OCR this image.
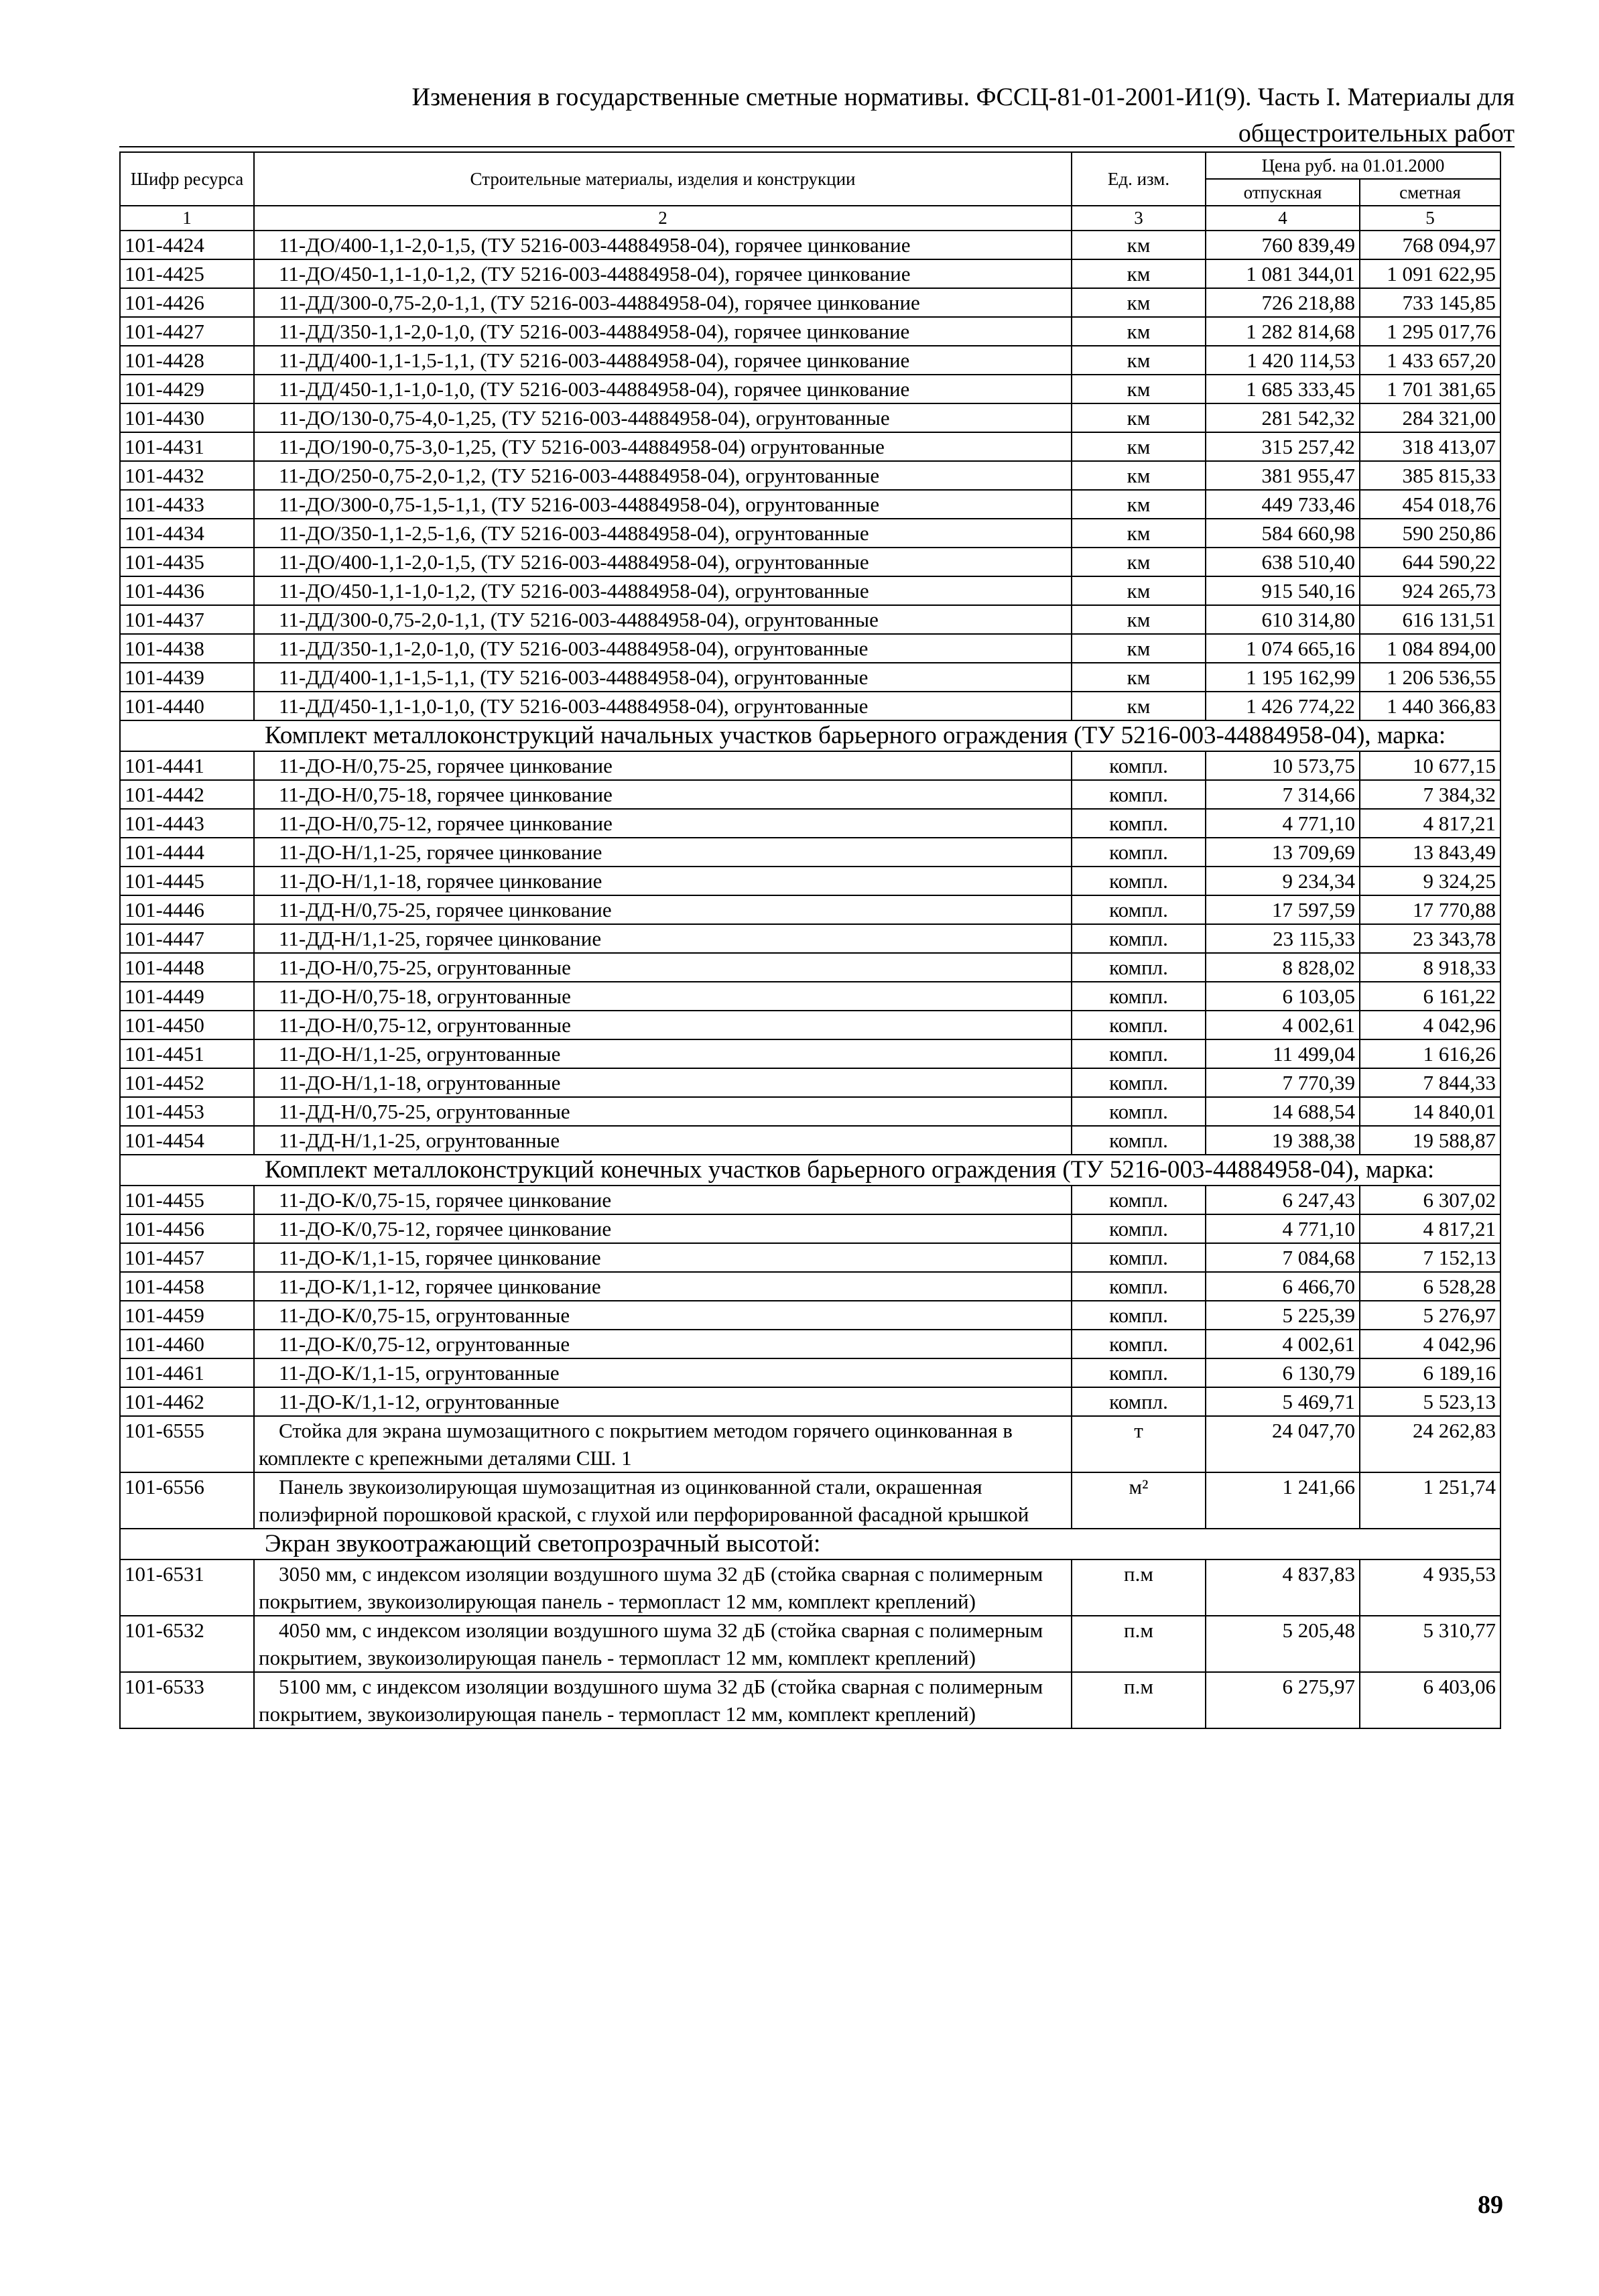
Изменения в государственные сметные нормативы. ФССЦ-81-01-2001-И1(9). Часть I. Материалы для
общестроительных работ
Шифр ресурса	Строительные материалы, изделия и конструкции	Ед. изм.	Цена руб. на 01.01.2000	
			отпускная	сметная
1	2	3	4	5
101-4424	11-ДО/400-1,1-2,0-1,5, (ТУ 5216-003-44884958-04), горячее цинкование	км	760 839,49	768 094,97
101-4425	11-ДО/450-1,1-1,0-1,2, (ТУ 5216-003-44884958-04), горячее цинкование	км	1 081 344,01	1 091 622,95
101-4426	11-ДД/300-0,75-2,0-1,1, (ТУ 5216-003-44884958-04), горячее цинкование	км	726 218,88	733 145,85
101-4427	11-ДД/350-1,1-2,0-1,0, (ТУ 5216-003-44884958-04), горячее цинкование	км	1 282 814,68	1 295 017,76
101-4428	11-ДД/400-1,1-1,5-1,1, (ТУ 5216-003-44884958-04), горячее цинкование	км	1 420 114,53	1 433 657,20
101-4429	11-ДД/450-1,1-1,0-1,0, (ТУ 5216-003-44884958-04), горячее цинкование	км	1 685 333,45	1 701 381,65
101-4430	11-ДО/130-0,75-4,0-1,25, (ТУ 5216-003-44884958-04), огрунтованные	км	281 542,32	284 321,00
101-4431	11-ДО/190-0,75-3,0-1,25, (ТУ 5216-003-44884958-04) огрунтованные	км	315 257,42	318 413,07
101-4432	11-ДО/250-0,75-2,0-1,2, (ТУ 5216-003-44884958-04), огрунтованные	км	381 955,47	385 815,33
101-4433	11-ДО/300-0,75-1,5-1,1, (ТУ 5216-003-44884958-04), огрунтованные	км	449 733,46	454 018,76
101-4434	11-ДО/350-1,1-2,5-1,6, (ТУ 5216-003-44884958-04), огрунтованные	км	584 660,98	590 250,86
101-4435	11-ДО/400-1,1-2,0-1,5, (ТУ 5216-003-44884958-04), огрунтованные	км	638 510,40	644 590,22
101-4436	11-ДО/450-1,1-1,0-1,2, (ТУ 5216-003-44884958-04), огрунтованные	км	915 540,16	924 265,73
101-4437	11-ДД/300-0,75-2,0-1,1, (ТУ 5216-003-44884958-04), огрунтованные	км	610 314,80	616 131,51
101-4438	11-ДД/350-1,1-2,0-1,0, (ТУ 5216-003-44884958-04), огрунтованные	км	1 074 665,16	1 084 894,00
101-4439	11-ДД/400-1,1-1,5-1,1, (ТУ 5216-003-44884958-04), огрунтованные	км	1 195 162,99	1 206 536,55
101-4440	11-ДД/450-1,1-1,0-1,0, (ТУ 5216-003-44884958-04), огрунтованные	км	1 426 774,22	1 440 366,83
	Комплект металлоконструкций начальных участков барьерного ограждения (ТУ 5216-003-44884958-04), марка:			
101-4441	11-ДО-Н/0,75-25, горячее цинкование	компл.	10 573,75	10 677,15
101-4442	11-ДО-Н/0,75-18, горячее цинкование	компл.	7 314,66	7 384,32
101-4443	11-ДО-Н/0,75-12, горячее цинкование	компл.	4 771,10	4 817,21
101-4444	11-ДО-Н/1,1-25, горячее цинкование	компл.	13 709,69	13 843,49
101-4445	11-ДО-Н/1,1-18, горячее цинкование	компл.	9 234,34	9 324,25
101-4446	11-ДД-Н/0,75-25, горячее цинкование	компл.	17 597,59	17 770,88
101-4447	11-ДД-Н/1,1-25, горячее цинкование	компл.	23 115,33	23 343,78
101-4448	11-ДО-Н/0,75-25, огрунтованные	компл.	8 828,02	8 918,33
101-4449	11-ДО-Н/0,75-18, огрунтованные	компл.	6 103,05	6 161,22
101-4450	11-ДО-Н/0,75-12, огрунтованные	компл.	4 002,61	4 042,96
101-4451	11-ДО-Н/1,1-25, огрунтованные	компл.	11 499,04	1 616,26
101-4452	11-ДО-Н/1,1-18, огрунтованные	компл.	7 770,39	7 844,33
101-4453	11-ДД-Н/0,75-25, огрунтованные	компл.	14 688,54	14 840,01
101-4454	11-ДД-Н/1,1-25, огрунтованные	компл.	19 388,38	19 588,87
	Комплект металлоконструкций конечных участков барьерного ограждения (ТУ 5216-003-44884958-04), марка:			
101-4455	11-ДО-К/0,75-15, горячее цинкование	компл.	6 247,43	6 307,02
101-4456	11-ДО-К/0,75-12, горячее цинкование	компл.	4 771,10	4 817,21
101-4457	11-ДО-К/1,1-15, горячее цинкование	компл.	7 084,68	7 152,13
101-4458	11-ДО-К/1,1-12, горячее цинкование	компл.	6 466,70	6 528,28
101-4459	11-ДО-К/0,75-15, огрунтованные	компл.	5 225,39	5 276,97
101-4460	11-ДО-К/0,75-12, огрунтованные	компл.	4 002,61	4 042,96
101-4461	11-ДО-К/1,1-15, огрунтованные	компл.	6 130,79	6 189,16
101-4462	11-ДО-К/1,1-12, огрунтованные	компл.	5 469,71	5 523,13
101-6555	Стойка для экрана шумозащитного с покрытием методом горячего оцинкованная в комплекте с крепежными деталями СШ. 1	т	24 047,70	24 262,83
101-6556	Панель звукоизолирующая шумозащитная из оцинкованной стали, окрашенная полиэфирной порошковой краской, с глухой или перфорированной фасадной крышкой	м²	1 241,66	1 251,74
	Экран звукоотражающий светопрозрачный высотой:			
101-6531	3050 мм, с индексом изоляции воздушного шума 32 дБ (стойка сварная с полимерным покрытием, звукоизолирующая панель - термопласт 12 мм, комплект креплений)	п.м	4 837,83	4 935,53
101-6532	4050 мм, с индексом изоляции воздушного шума 32 дБ (стойка сварная с полимерным покрытием, звукоизолирующая панель - термопласт 12 мм, комплект креплений)	п.м	5 205,48	5 310,77
101-6533	5100 мм, с индексом изоляции воздушного шума 32 дБ (стойка сварная с полимерным покрытием, звукоизолирующая панель - термопласт 12 мм, комплект креплений)	п.м	6 275,97	6 403,06
89
